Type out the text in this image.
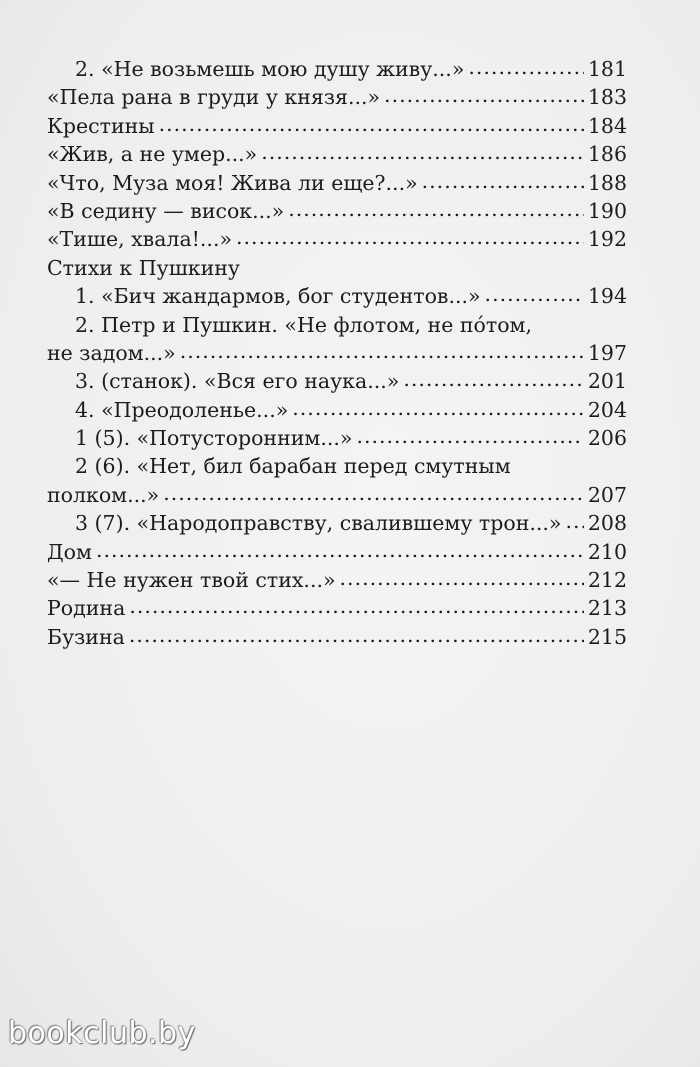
2. «Не возьмешь мою душу живу...» .....	181
«Пела рана в груди у князя...» .....	183
Крестины .....	184
«Жив, а не умер...» .....	186
«Что, Муза моя! Жива ли еще?...» .....	188
«В седину — висок...» .....	190
«Тише, хвала!...» .....	192
Стихи к Пушкину
1. «Бич жандармов, бог студентов...» .....	194
2. Петр и Пушкин. «Не флотом, не пóтом,
не задом...» .....	197
3. (станок). «Вся его наука...» .....	201
4. «Преодоленье...» .....	204
1 (5). «Потусторонним...» .....	206
2 (6). «Нет, бил барабан перед смутным
полком...» .....	207
3 (7). «Народоправству, свалившему трон...» ..... 208
Дом .....	210
«— Не нужен твой стих...» .....	212
Родина .....	213
Бузина .....	215
bookclub.by
